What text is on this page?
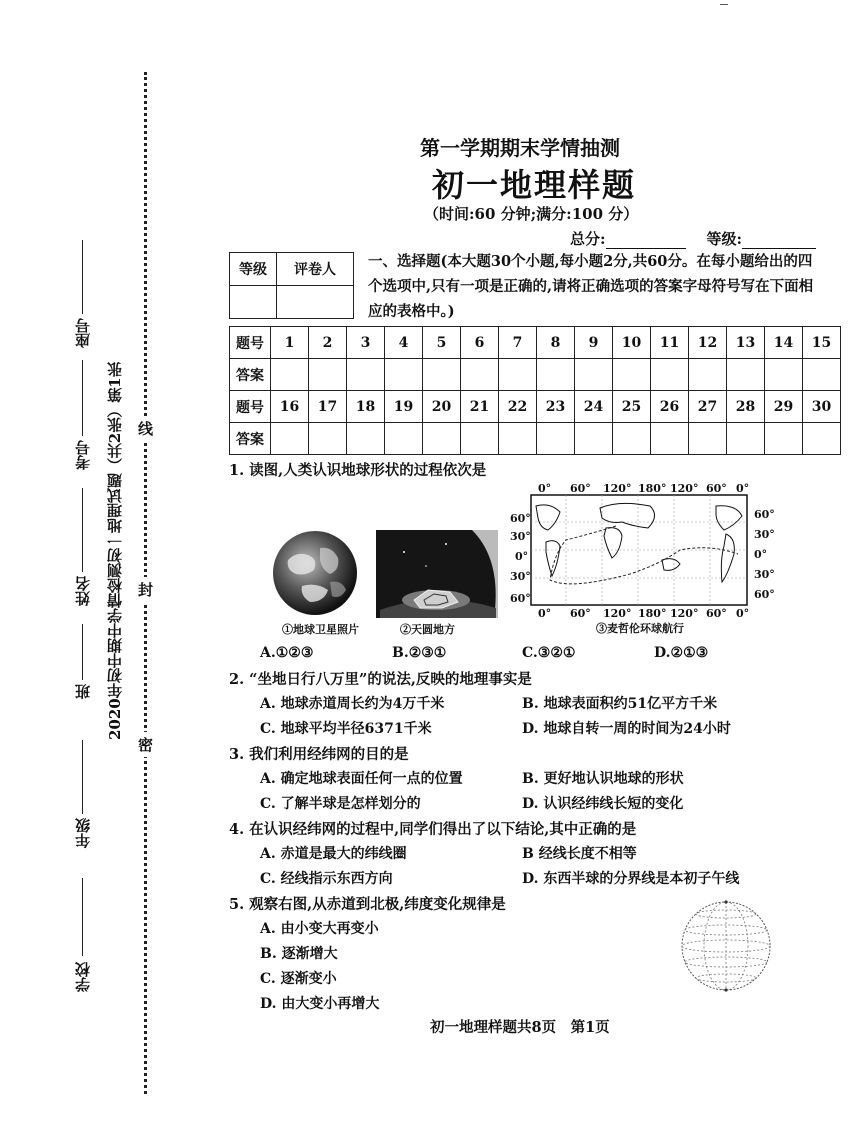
密
封
线
2020年初中期中学情检测初一地理试题（共2张）第1张
学校
年级
班
姓名
考号
座号
第一学期期末学情抽测
初一地理样题
（时间:60 分钟;满分:100 分）
总分:	等级:
等级	评卷人
	一、选择题(本大题30个小题,每小题2分,共60分。在每小题给出的四个选项中,只有一项是正确的,请将正确选项的答案字母符号写在下面相应的表格中。)
题号	1	2	3	4	5	6	7	8	9	10	11	12	13	14	15
答案															
题号	16	17	18	19	20	21	22	23	24	25	26	27	28	29	30
答案															
1. 读图,人类认识地球形状的过程依次是
①地球卫星照片	②天圆地方
0° 60° 120° 180° 120° 60° 0°
60°
30°
0°
30°
60°
60°
30°
0°
30°
60°
0° 60° 120° 180° 120° 60° 0°
③麦哲伦环球航行
A.①②③	B.②③①	C.③②①	D.②①③
2. “坐地日行八万里”的说法,反映的地理事实是
A. 地球赤道周长约为4万千米	B. 地球表面积约51亿平方千米
C. 地球平均半径6371千米	D. 地球自转一周的时间为24小时
3. 我们利用经纬网的目的是
A. 确定地球表面任何一点的位置	B. 更好地认识地球的形状
C. 了解半球是怎样划分的	D. 认识经纬线长短的变化
4. 在认识经纬网的过程中,同学们得出了以下结论,其中正确的是
A. 赤道是最大的纬线圈	B 经线长度不相等
C. 经线指示东西方向	D. 东西半球的分界线是本初子午线
5. 观察右图,从赤道到北极,纬度变化规律是
A. 由小变大再变小
B. 逐渐增大
C. 逐渐变小
D. 由大变小再增大
初一地理样题共8页　第1页
